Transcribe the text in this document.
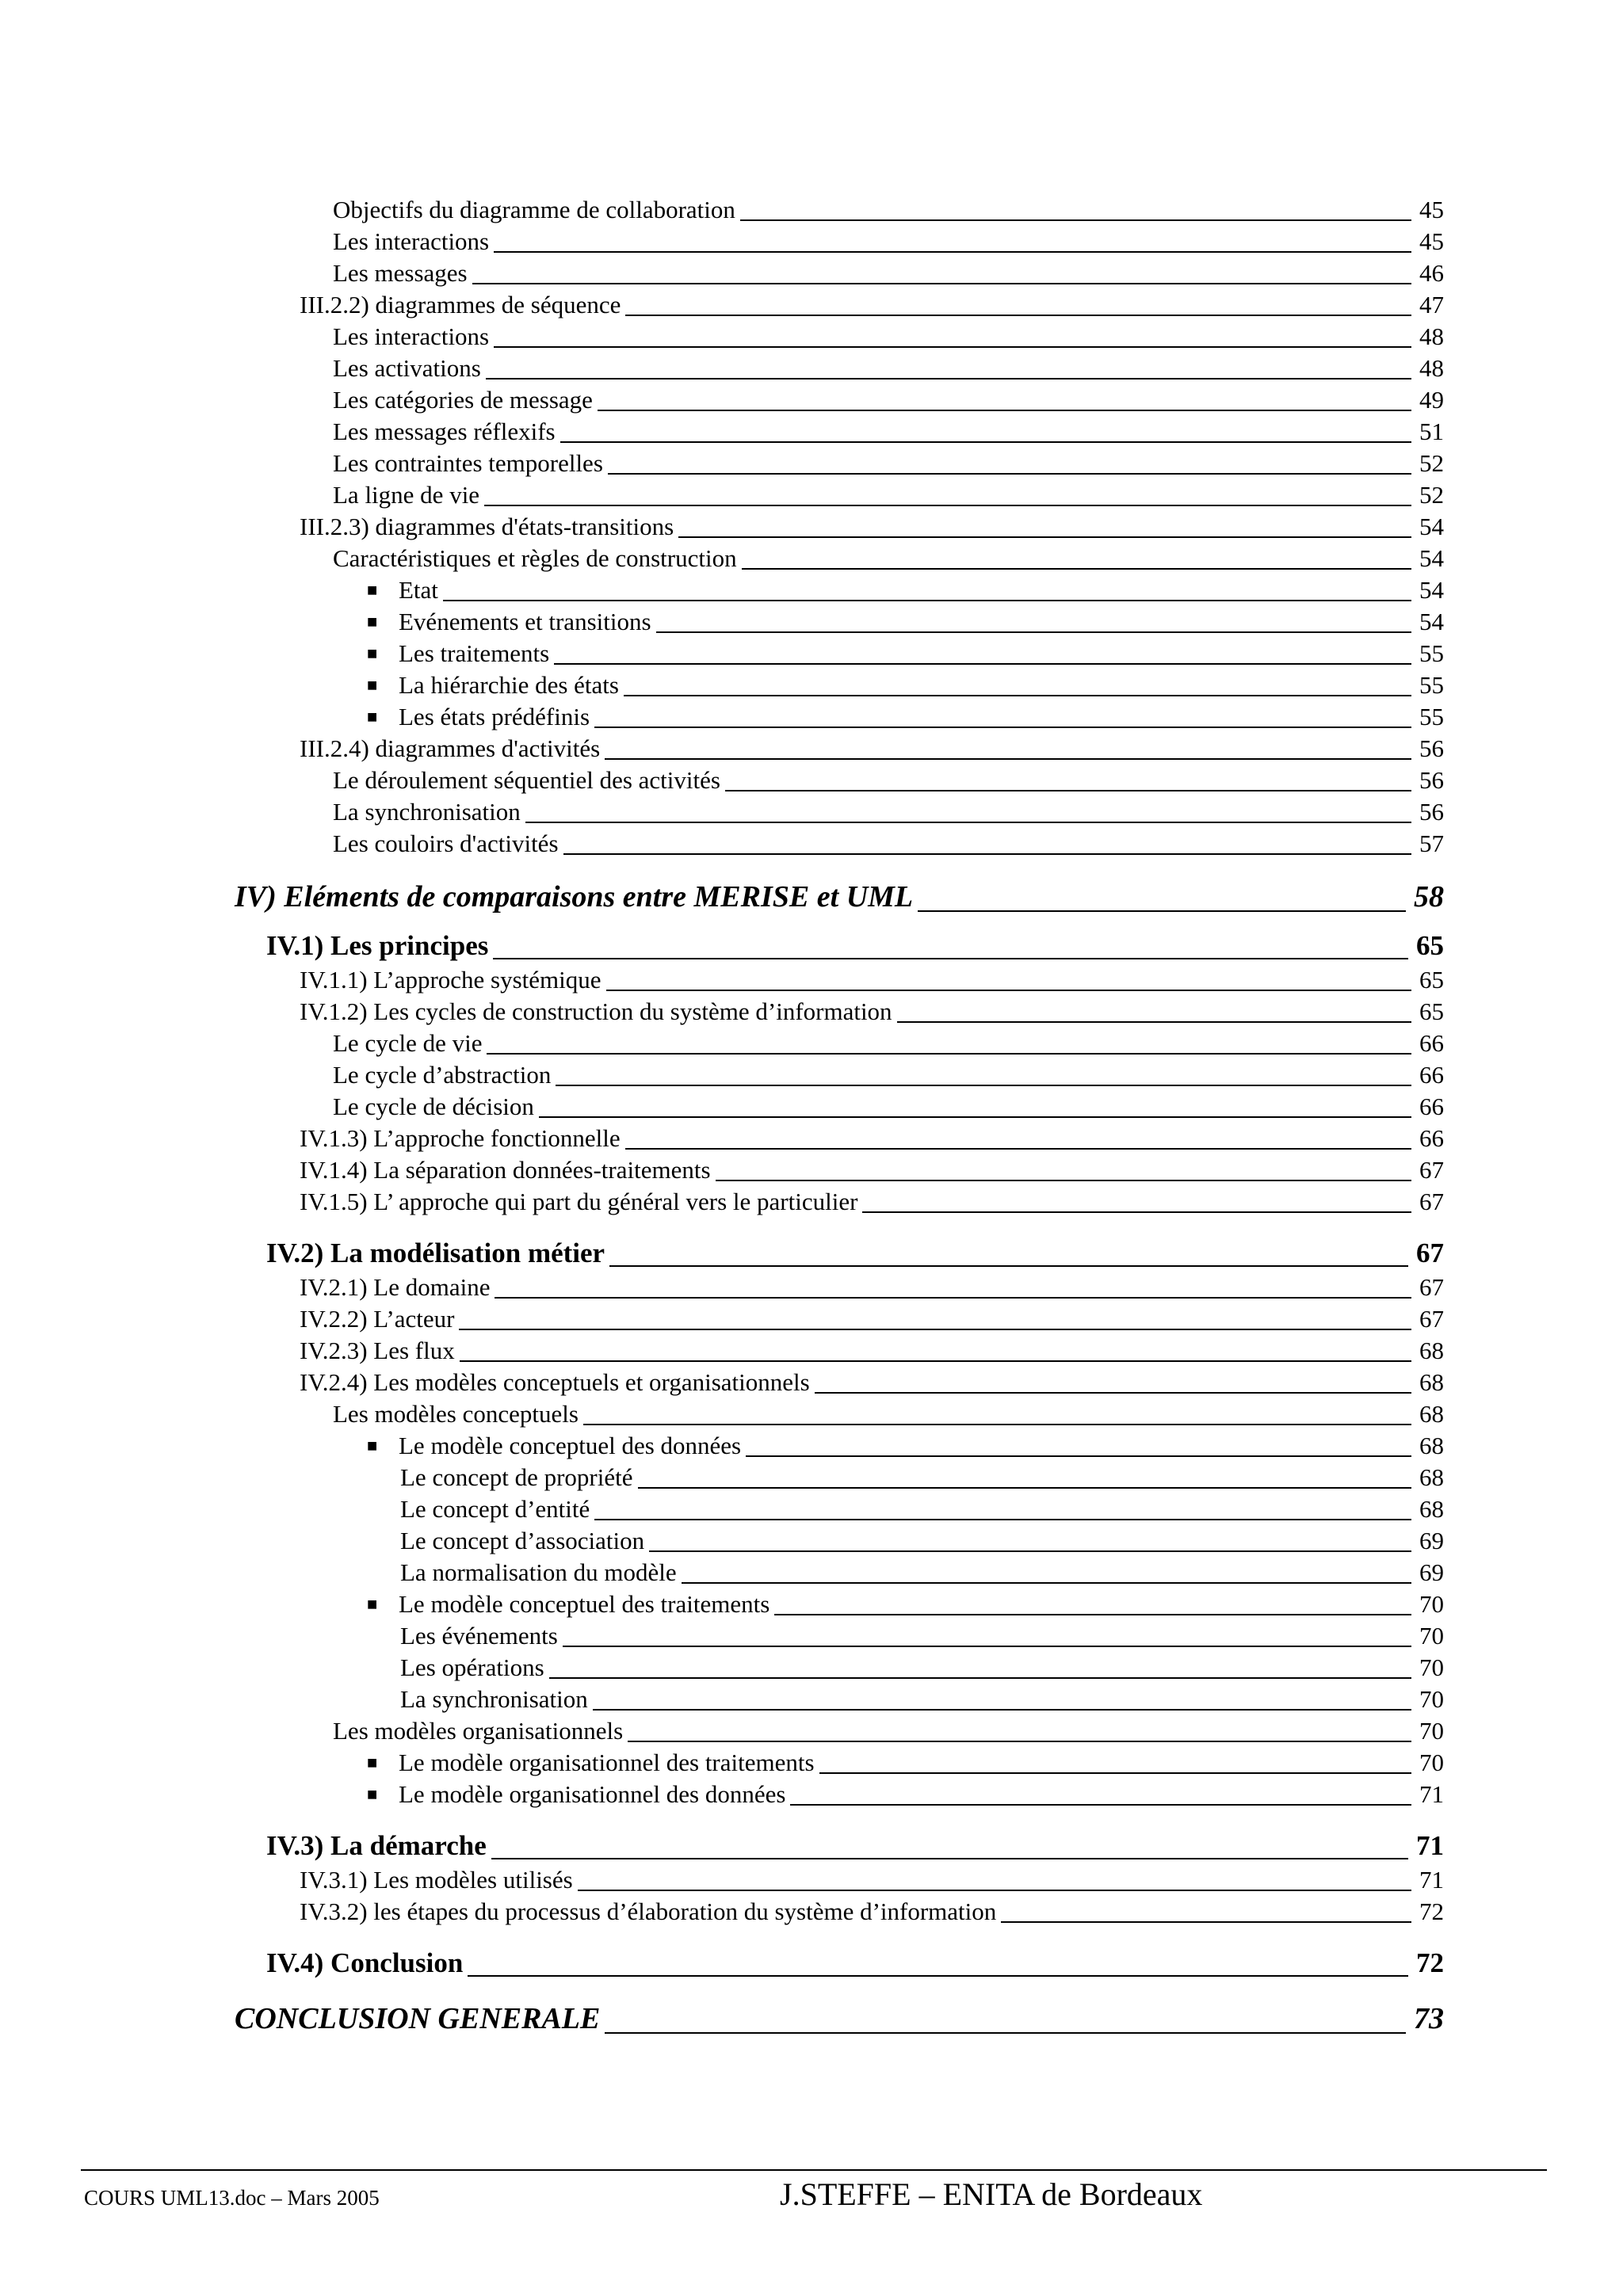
Objectifs du diagramme de collaboration	45
Les interactions	45
Les messages	46
III.2.2) diagrammes de séquence	47
Les interactions	48
Les activations	48
Les catégories de message	49
Les messages réflexifs	51
Les contraintes temporelles	52
La ligne de vie	52
III.2.3) diagrammes d'états-transitions	54
Caractéristiques et règles de construction	54
■ Etat	54
■ Evénements et transitions	54
■ Les traitements	55
■ La hiérarchie des états	55
■ Les états prédéfinis	55
III.2.4) diagrammes d'activités	56
Le déroulement séquentiel des activités	56
La synchronisation	56
Les couloirs d'activités	57
IV) Eléments de comparaisons entre MERISE et UML	58
IV.1) Les principes	65
IV.1.1) L’approche systémique	65
IV.1.2) Les cycles de construction du système d’information	65
Le cycle de vie	66
Le cycle d’abstraction	66
Le cycle de décision	66
IV.1.3) L’approche fonctionnelle	66
IV.1.4) La séparation données-traitements	67
IV.1.5) L’ approche qui part du général vers le particulier	67
IV.2) La modélisation métier	67
IV.2.1) Le domaine	67
IV.2.2) L’acteur	67
IV.2.3) Les flux	68
IV.2.4) Les modèles conceptuels et organisationnels	68
Les modèles conceptuels	68
■ Le modèle conceptuel des données	68
Le concept de propriété	68
Le concept d’entité	68
Le concept d’association	69
La normalisation du modèle	69
■ Le modèle conceptuel des traitements	70
Les événements	70
Les opérations	70
La synchronisation	70
Les modèles organisationnels	70
■ Le modèle organisationnel des traitements	70
■ Le modèle organisationnel des données	71
IV.3) La démarche	71
IV.3.1) Les modèles utilisés	71
IV.3.2) les étapes du processus d’élaboration du système d’information	72
IV.4) Conclusion	72
CONCLUSION GENERALE	73
COURS UML13.doc – Mars 2005	J.STEFFE – ENITA de Bordeaux
